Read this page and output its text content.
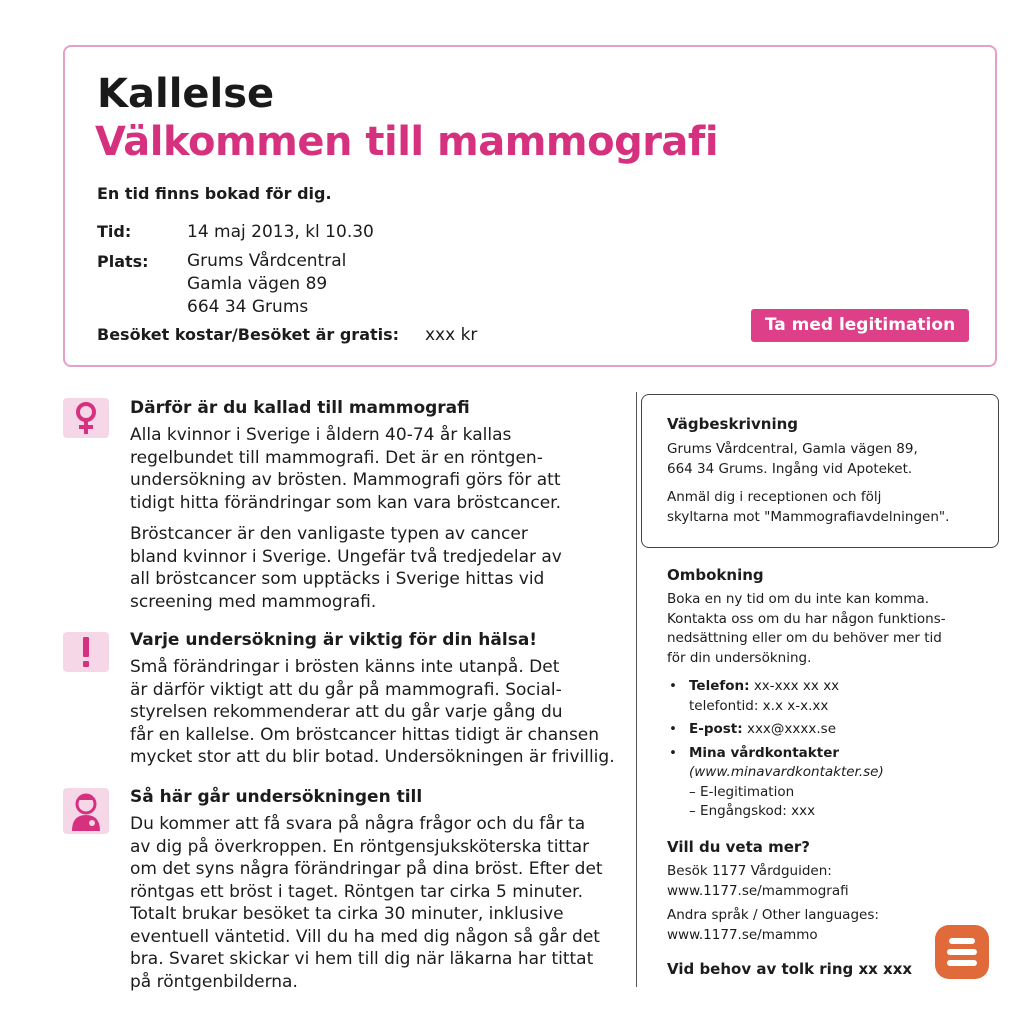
Kallelse
Välkommen till mammografi

En tid finns bokad för dig.

Tid:	14 maj 2013, kl 10.30
Plats: Grums Vårdcentral
Gamla vägen 89
664 34 Grums
Besöket kostar/Besöket är gratis: xxx kr	Ta med legitimation
Därför är du kallad till mammografi
Alla kvinnor i Sverige i åldern 40-74 år kallas
regelbundet till mammografi. Det är en röntgen-
undersökning av brösten. Mammografi görs för att
tidigt hitta förändringar som kan vara bröstcancer.
Bröstcancer är den vanligaste typen av cancer
bland kvinnor i Sverige. Ungefär två tredjedelar av
all bröstcancer som upptäcks i Sverige hittas vid
screening med mammografi.
Varje undersökning är viktig för din hälsa!
Små förändringar i brösten känns inte utanpå. Det
är därför viktigt att du går på mammografi. Social-
styrelsen rekommenderar att du går varje gång du
får en kallelse. Om bröstcancer hittas tidigt är chansen
mycket stor att du blir botad. Undersökningen är frivillig.
Så här går undersökningen till
Du kommer att få svara på några frågor och du får ta
av dig på överkroppen. En röntgensjuksköterska tittar
om det syns några förändringar på dina bröst. Efter det
röntgas ett bröst i taget. Röntgen tar cirka 5 minuter.
Totalt brukar besöket ta cirka 30 minuter, inklusive
eventuell väntetid. Vill du ha med dig någon så går det
bra. Svaret skickar vi hem till dig när läkarna har tittat
på röntgenbilderna.
Vägbeskrivning
Grums Vårdcentral, Gamla vägen 89,
664 34 Grums. Ingång vid Apoteket.
Anmäl dig i receptionen och följ
skyltarna mot "Mammografiavdelningen".
Ombokning
Boka en ny tid om du inte kan komma.
Kontakta oss om du har någon funktions-
nedsättning eller om du behöver mer tid
för din undersökning.
• Telefon: xx-xxx xx xx
telefontid: x.x x-x.xx
• E-post: xxx@xxxx.se
• Mina vårdkontakter
(www.minavardkontakter.se)
– E-legitimation
– Engångskod: xxx
Vill du veta mer?
Besök 1177 Vårdguiden:
www.1177.se/mammografi
Andra språk / Other languages:
www.1177.se/mammo
Vid behov av tolk ring xx xxx
